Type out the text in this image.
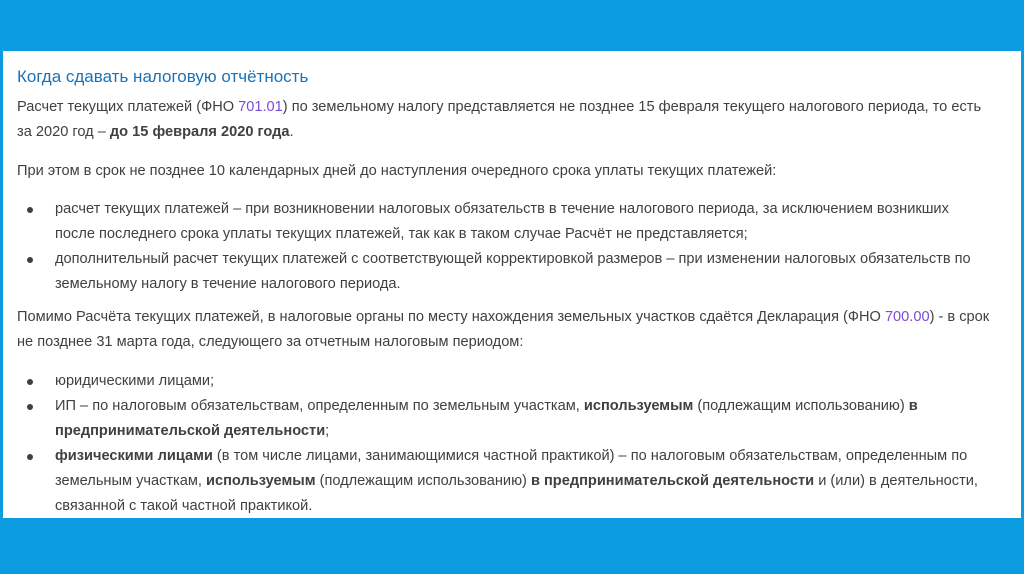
Когда сдавать налоговую отчётность

Расчет текущих платежей (ФНО 701.01) по земельному налогу представляется не позднее 15 февраля текущего налогового периода, то есть за 2020 год – до 15 февраля 2020 года.

При этом в срок не позднее 10 календарных дней до наступления очередного срока уплаты текущих платежей:

расчет текущих платежей – при возникновении налоговых обязательств в течение налогового периода, за исключением возникших после последнего срока уплаты текущих платежей, так как в таком случае Расчёт не представляется;
дополнительный расчет текущих платежей с соответствующей корректировкой размеров – при изменении налоговых обязательств по земельному налогу в течение налогового периода.

Помимо Расчёта текущих платежей, в налоговые органы по месту нахождения земельных участков сдаётся Декларация (ФНО 700.00) - в срок не позднее 31 марта года, следующего за отчетным налоговым периодом:

юридическими лицами;
ИП – по налоговым обязательствам, определенным по земельным участкам, используемым (подлежащим использованию) в предпринимательской деятельности;
физическими лицами (в том числе лицами, занимающимися частной практикой) – по налоговым обязательствам, определенным по земельным участкам, используемым (подлежащим использованию) в предпринимательской деятельности и (или) в деятельности, связанной с такой частной практикой.
